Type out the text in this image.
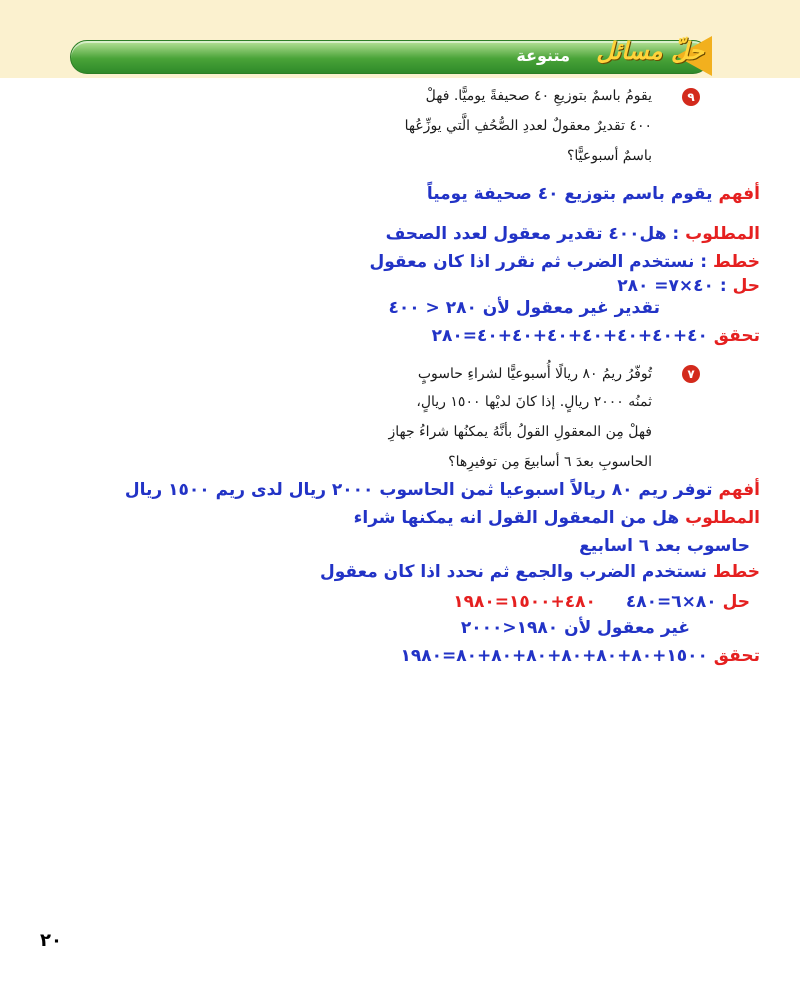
حلّ مسائل
متنوعة
٩
يقومُ باسمٌ بتوزيعِ ٤٠ صحيفةً يوميًّا. فهلْ
٤٠٠ تقديرٌ معقولٌ لعددِ الصُّحُفِ الَّتي يوزِّعُها
باسمٌ أسبوعيًّا؟
أفهم يقوم باسم بتوزيع ٤٠ صحيفة يومياً
المطلوب : هل٤٠٠ تقدير معقول لعدد الصحف
خطط : نستخدم الضرب ثم نقرر اذا كان معقول
حل : ٤٠×٧= ٢٨٠
تقدير غير معقول لأن ٢٨٠ < ٤٠٠
تحقق ٤٠+٤٠+٤٠+٤٠+٤٠+٤٠+٤٠=٢٨٠
٧
تُوفّرُ ريمُ ٨٠ ريالًا أُسبوعيًّا لشراءِ حاسوبٍ
ثمنُه ٢٠٠٠ ريالٍ. إذا كانَ لديْها ١٥٠٠ ريالٍ،
فهلْ مِن المعقولِ القولُ بأنَّهُ يمكنُها شراءُ جهازِ
الحاسوبِ بعدَ ٦ أسابيعَ مِن توفيرِها؟
أفهم توفر ريم ٨٠ ريالاً اسبوعيا ثمن الحاسوب ٢٠٠٠ ريال لدى ريم ١٥٠٠ ريال
المطلوب هل من المعقول القول انه يمكنها شراء
حاسوب بعد ٦ اسابيع
خطط نستخدم الضرب والجمع ثم نحدد اذا كان معقول
حل ٨٠×٦=٤٨٠ ٤٨٠+١٥٠٠=١٩٨٠
غير معقول لأن ١٩٨٠<٢٠٠٠
تحقق ١٥٠٠+٨٠+٨٠+٨٠+٨٠+٨٠+٨٠=١٩٨٠
٢٠
